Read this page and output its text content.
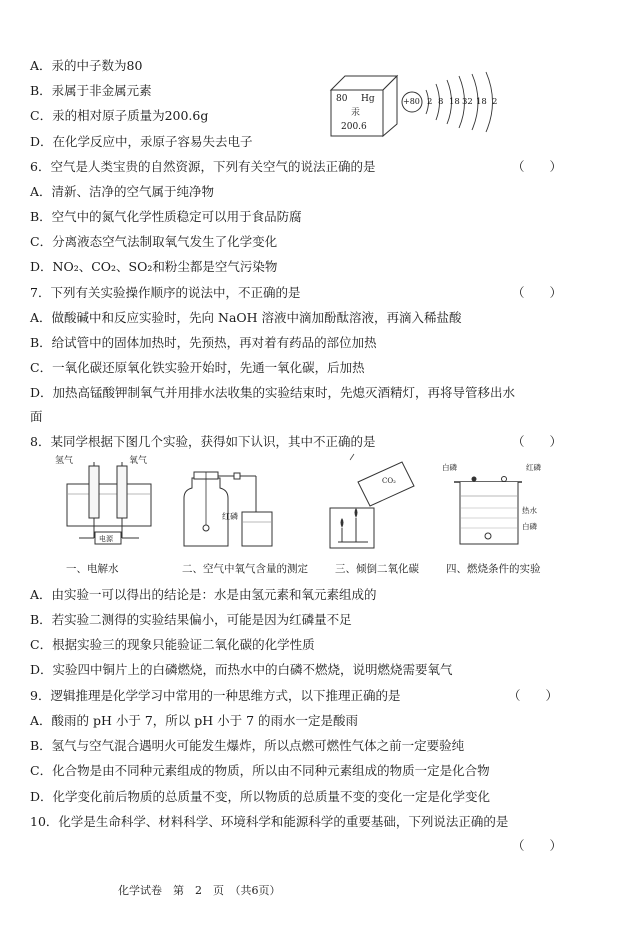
A．汞的中子数为80
B．汞属于非金属元素
C．汞的相对原子质量为200.6g
D．在化学反应中，汞原子容易失去电子
80 Hg
汞
200.6
+80 2 8 18 32 18 2
6．空气是人类宝贵的自然资源，下列有关空气的说法正确的是	（　　）
A．清新、洁净的空气属于纯净物
B．空气中的氮气化学性质稳定可以用于食品防腐
C．分离液态空气法制取氧气发生了化学变化
D．NO₂、CO₂、SO₂和粉尘都是空气污染物
7．下列有关实验操作顺序的说法中，不正确的是	（　　）
A．做酸碱中和反应实验时，先向 NaOH 溶液中滴加酚酞溶液，再滴入稀盐酸
B．给试管中的固体加热时，先预热，再对着有药品的部位加热
C．一氧化碳还原氧化铁实验开始时，先通一氧化碳，后加热
D．加热高锰酸钾制氧气并用排水法收集的实验结束时，先熄灭酒精灯，再将导管移出水
面
8．某同学根据下图几个实验，获得如下认识，其中不正确的是	（　　）
氢气	氧气
电源
红磷
CO₂
白磷	红磷
热水
白磷
一、电解水	二、空气中氧气含量的测定	三、倾倒二氧化碳	四、燃烧条件的实验
A．由实验一可以得出的结论是：水是由氢元素和氧元素组成的
B．若实验二测得的实验结果偏小，可能是因为红磷量不足
C．根据实验三的现象只能验证二氧化碳的化学性质
D．实验四中铜片上的白磷燃烧，而热水中的白磷不燃烧，说明燃烧需要氧气
9．逻辑推理是化学学习中常用的一种思维方式，以下推理正确的是	（　　）
A．酸雨的 pH 小于 7，所以 pH 小于 7 的雨水一定是酸雨
B．氢气与空气混合遇明火可能发生爆炸，所以点燃可燃性气体之前一定要验纯
C．化合物是由不同种元素组成的物质，所以由不同种元素组成的物质一定是化合物
D．化学变化前后物质的总质量不变，所以物质的总质量不变的变化一定是化学变化
10．化学是生命科学、材料科学、环境科学和能源科学的重要基础，下列说法正确的是
（　　）
化学试卷　第　2　页　（共6页）
